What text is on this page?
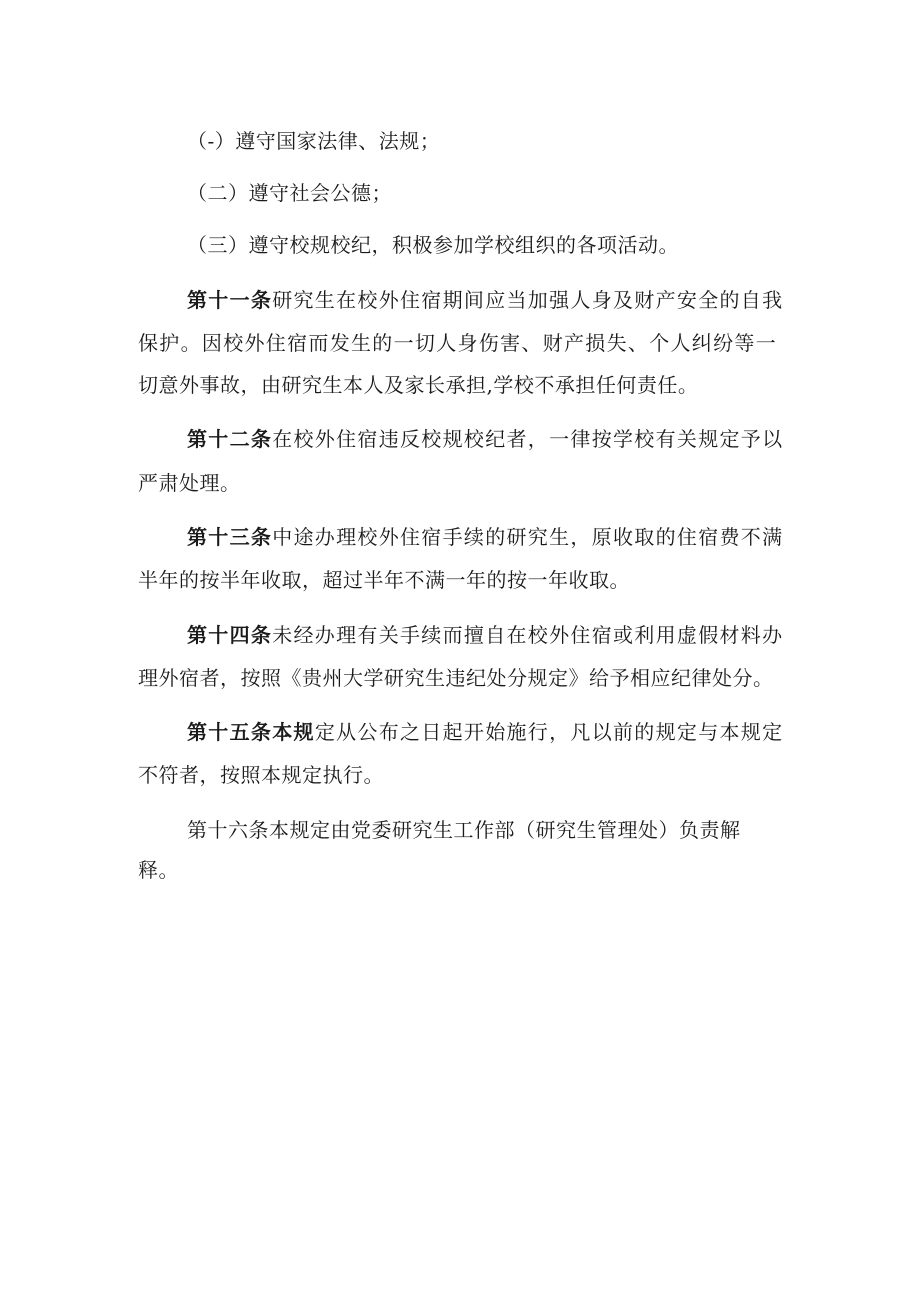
（-）遵守国家法律、法规；
（二）遵守社会公德；
（三）遵守校规校纪，积极参加学校组织的各项活动。
第十一条研究生在校外住宿期间应当加强人身及财产安全的自我
保护。因校外住宿而发生的一切人身伤害、财产损失、个人纠纷等一
切意外事故，由研究生本人及家长承担,学校不承担任何责任。
第十二条在校外住宿违反校规校纪者，一律按学校有关规定予以
严肃处理。
第十三条中途办理校外住宿手续的研究生，原收取的住宿费不满
半年的按半年收取，超过半年不满一年的按一年收取。
第十四条未经办理有关手续而擅自在校外住宿或利用虚假材料办
理外宿者，按照《贵州大学研究生违纪处分规定》给予相应纪律处分。
第十五条本规定从公布之日起开始施行，凡以前的规定与本规定
不符者，按照本规定执行。
第十六条本规定由党委研究生工作部（研究生管理处）负责解
释。
